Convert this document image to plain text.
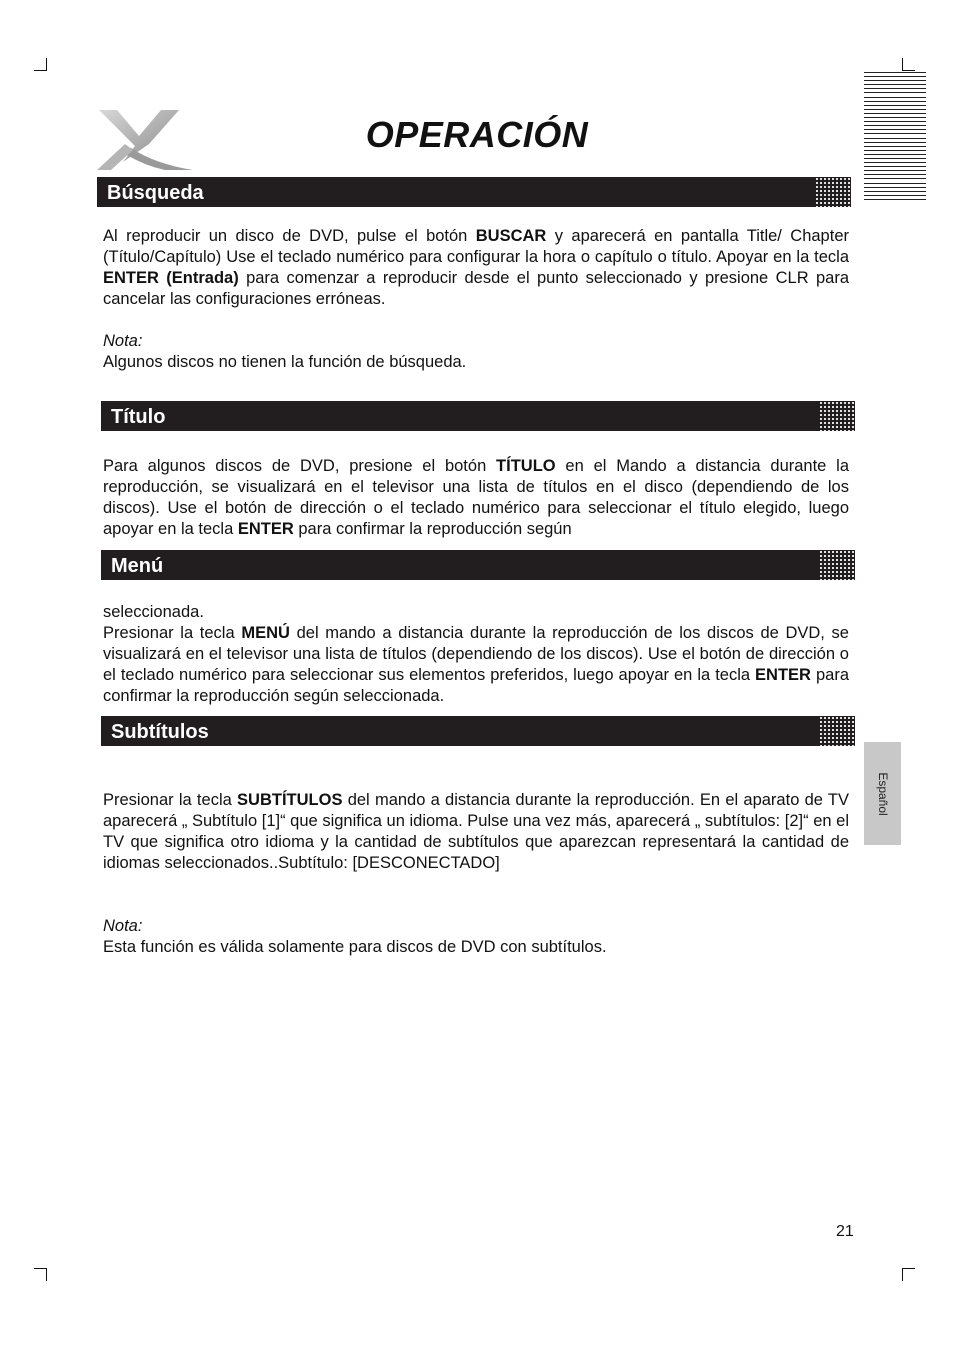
OPERACIÓN
Búsqueda

Al reproducir un disco de DVD, pulse el botón BUSCAR y aparecerá en pantalla Title/ Chapter (Título/Capítulo) Use el teclado numérico para configurar la hora o capítulo o título. Apoyar en la tecla ENTER (Entrada) para comenzar a reproducir desde el punto seleccionado y presione CLR para cancelar las configuraciones erróneas.

Nota:
Algunos discos no tienen la función de búsqueda.
Título

Para algunos discos de DVD, presione el botón TÍTULO en el Mando a distancia durante la reproducción, se visualizará en el televisor una lista de títulos en el disco (dependiendo de los discos). Use el botón de dirección o el teclado numérico para seleccionar el título elegido, luego apoyar en la tecla ENTER para confirmar la reproducción según

Menú
seleccionada.

Presionar la tecla MENÚ del mando a distancia durante la reproducción de los discos de DVD, se visualizará en el televisor una lista de títulos (dependiendo de los discos). Use el botón de dirección o el teclado numérico para seleccionar sus elementos preferidos, luego apoyar en la tecla ENTER para confirmar la reproducción según seleccionada.

Subtítulos

Presionar la tecla SUBTÍTULOS del mando a distancia durante la reproducción. En el aparato de TV aparecerá „ Subtítulo [1]“ que significa un idioma. Pulse una vez más, aparecerá „ subtítulos: [2]“ en el TV que significa otro idioma y la cantidad de subtítulos que aparezcan representará la cantidad de idiomas seleccionados..Subtítulo: [DESCONECTADO]

Nota:
Esta función es válida solamente para discos de DVD con subtítulos.
Español
21
